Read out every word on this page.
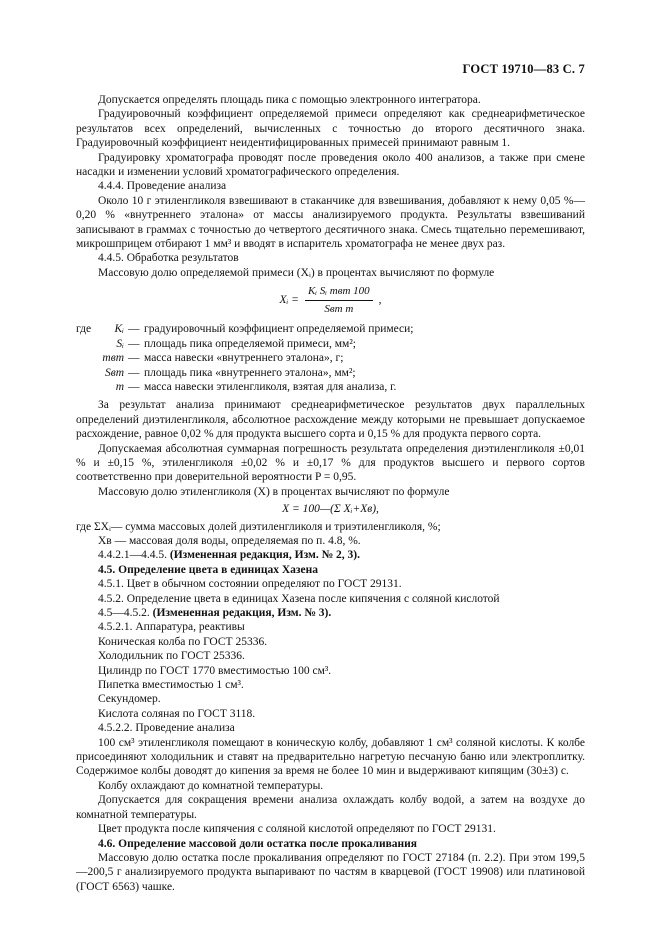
ГОСТ 19710—83 С. 7

Допускается определять площадь пика с помощью электронного интегратора.

Градуировочный коэффициент определяемой примеси определяют как среднеарифметическое результатов всех определений, вычисленных с точностью до второго десятичного знака. Градуировочный коэффициент неидентифицированных примесей принимают равным 1.

Градуировку хроматографа проводят после проведения около 400 анализов, а также при смене насадки и изменении условий хроматографического определения.

4.4.4. Проведение анализа

Около 10 г этиленгликоля взвешивают в стаканчике для взвешивания, добавляют к нему 0,05 %—0,20 % «внутреннего эталона» от массы анализируемого продукта. Результаты взвешиваний записывают в граммах с точностью до четвертого десятичного знака. Смесь тщательно перемешивают, микрошприцем отбирают 1 мм³ и вводят в испаритель хроматографа не менее двух раз.

4.4.5. Обработка результатов

Массовую долю определяемой примеси (Xᵢ) в процентах вычисляют по формуле

Xᵢ = $\frac{\text{Kᵢ Sᵢ mвт 100}}{\text{Sвт m}}$ ,
где	Kᵢ — градуировочный коэффициент определяемой примеси;
Sᵢ — площадь пика определяемой примеси, мм²;
mвт — масса навески «внутреннего эталона», г;
Sвт — площадь пика «внутреннего эталона», мм²;
m — масса навески этиленгликоля, взятая для анализа, г.

За результат анализа принимают среднеарифметическое результатов двух параллельных определений диэтиленгликоля, абсолютное расхождение между которыми не превышает допускаемое расхождение, равное 0,02 % для продукта высшего сорта и 0,15 % для продукта первого сорта.

Допускаемая абсолютная суммарная погрешность результата определения диэтиленгликоля ±0,01 % и ±0,15 %, этиленгликоля ±0,02 % и ±0,17 % для продуктов высшего и первого сортов соответственно при доверительной вероятности P = 0,95.

Массовую долю этиленгликоля (X) в процентах вычисляют по формуле

X = 100—(Σ Xᵢ+Xв),

где ΣXᵢ— сумма массовых долей диэтиленгликоля и триэтиленгликоля, %;

Xв — массовая доля воды, определяемая по п. 4.8, %.

4.4.2.1—4.4.5. (Измененная редакция, Изм. № 2, 3).

4.5. Определение цвета в единицах Хазена

4.5.1. Цвет в обычном состоянии определяют по ГОСТ 29131.

4.5.2. Определение цвета в единицах Хазена после кипячения с соляной кислотой

4.5—4.5.2. (Измененная редакция, Изм. № 3).

4.5.2.1. Аппаратура, реактивы

Коническая колба по ГОСТ 25336.

Холодильник по ГОСТ 25336.

Цилиндр по ГОСТ 1770 вместимостью 100 см³.

Пипетка вместимостью 1 см³.

Секундомер.

Кислота соляная по ГОСТ 3118.

4.5.2.2. Проведение анализа

100 см³ этиленгликоля помещают в коническую колбу, добавляют 1 см³ соляной кислоты. К колбе присоединяют холодильник и ставят на предварительно нагретую песчаную баню или электроплитку. Содержимое колбы доводят до кипения за время не более 10 мин и выдерживают кипящим (30±3) с.

Колбу охлаждают до комнатной температуры.

Допускается для сокращения времени анализа охлаждать колбу водой, а затем на воздухе до комнатной температуры.

Цвет продукта после кипячения с соляной кислотой определяют по ГОСТ 29131.

4.6. Определение массовой доли остатка после прокаливания

Массовую долю остатка после прокаливания определяют по ГОСТ 27184 (п. 2.2). При этом 199,5—200,5 г анализируемого продукта выпаривают по частям в кварцевой (ГОСТ 19908) или платиновой (ГОСТ 6563) чашке.
